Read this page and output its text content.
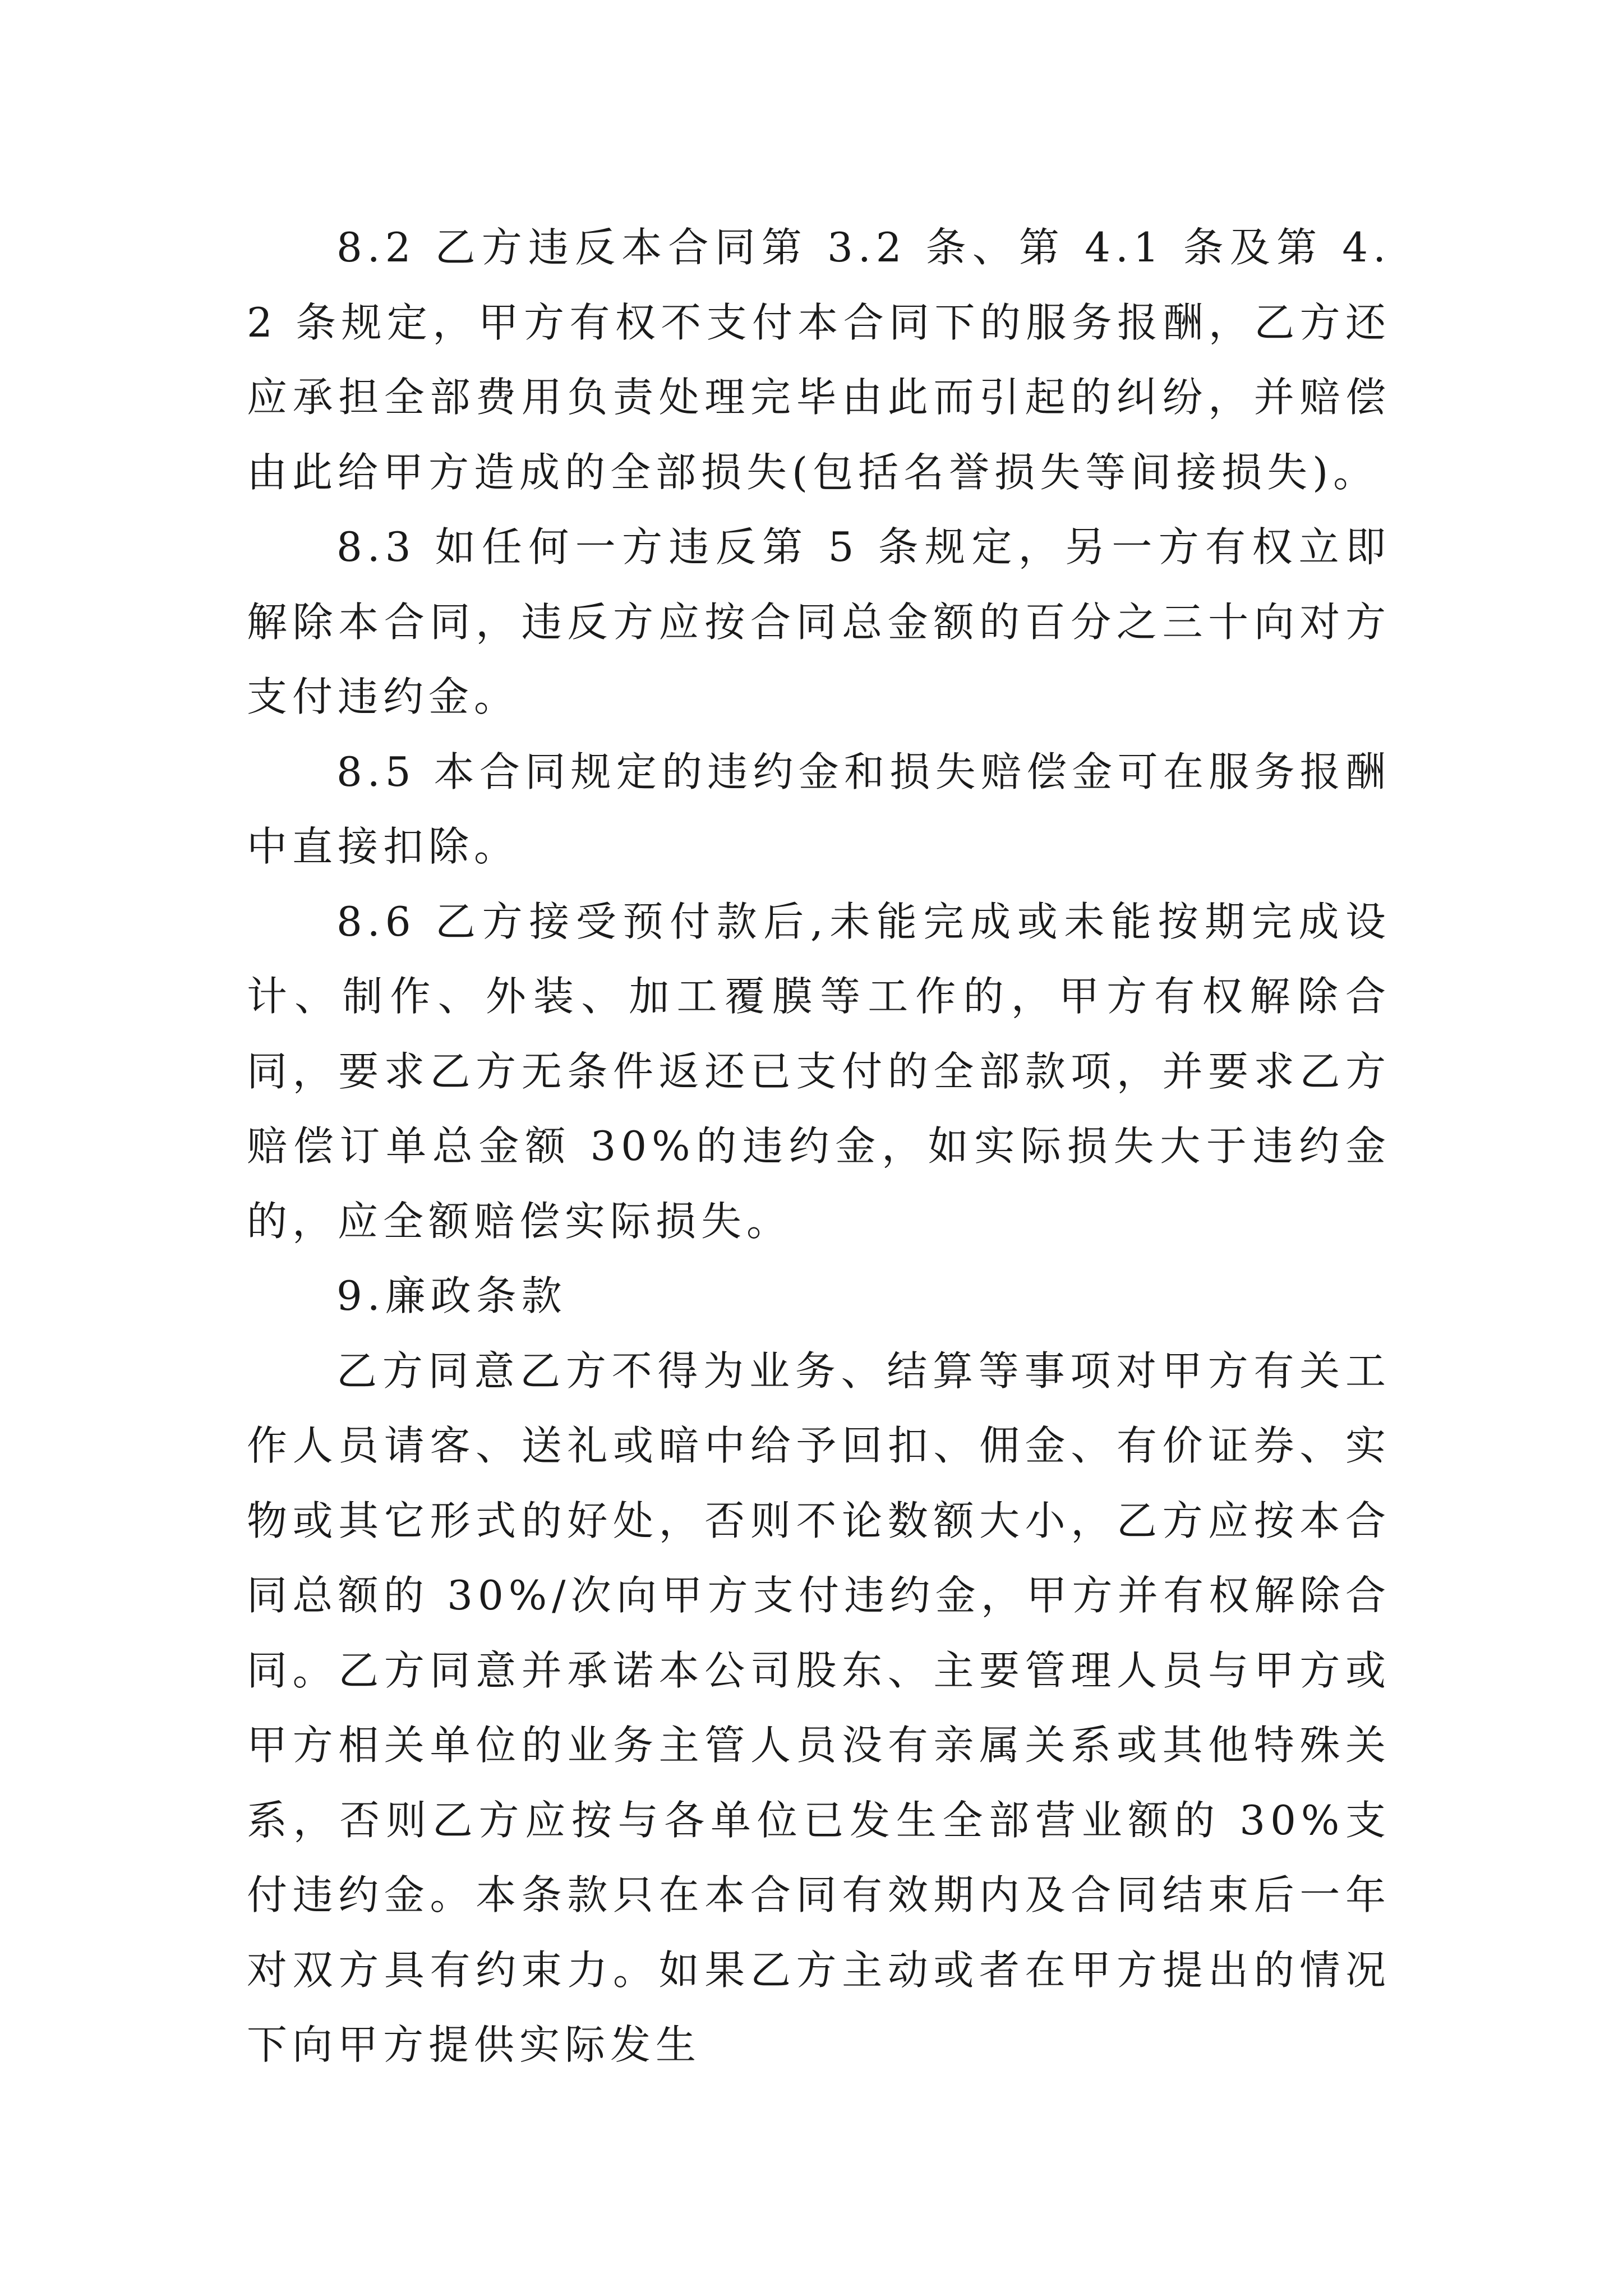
8.2 乙方违反本合同第 3.2 条、第 4.1 条及第 4.2 条规定，甲方有权不支付本合同下的服务报酬，乙方还应承担全部费用负责处理完毕由此而引起的纠纷，并赔偿由此给甲方造成的全部损失(包括名誉损失等间接损失)。

8.3 如任何一方违反第 5 条规定，另一方有权立即解除本合同，违反方应按合同总金额的百分之三十向对方支付违约金。

8.5 本合同规定的违约金和损失赔偿金可在服务报酬中直接扣除。

8.6 乙方接受预付款后,未能完成或未能按期完成设计、制作、外装、加工覆膜等工作的，甲方有权解除合同，要求乙方无条件返还已支付的全部款项，并要求乙方赔偿订单总金额 30%的违约金，如实际损失大于违约金的，应全额赔偿实际损失。

9.廉政条款

乙方同意乙方不得为业务、结算等事项对甲方有关工作人员请客、送礼或暗中给予回扣、佣金、有价证券、实物或其它形式的好处，否则不论数额大小，乙方应按本合同总额的 30%/次向甲方支付违约金，甲方并有权解除合同。乙方同意并承诺本公司股东、主要管理人员与甲方或甲方相关单位的业务主管人员没有亲属关系或其他特殊关系，否则乙方应按与各单位已发生全部营业额的 30%支付违约金。本条款只在本合同有效期内及合同结束后一年对双方具有约束力。如果乙方主动或者在甲方提出的情况下向甲方提供实际发生
